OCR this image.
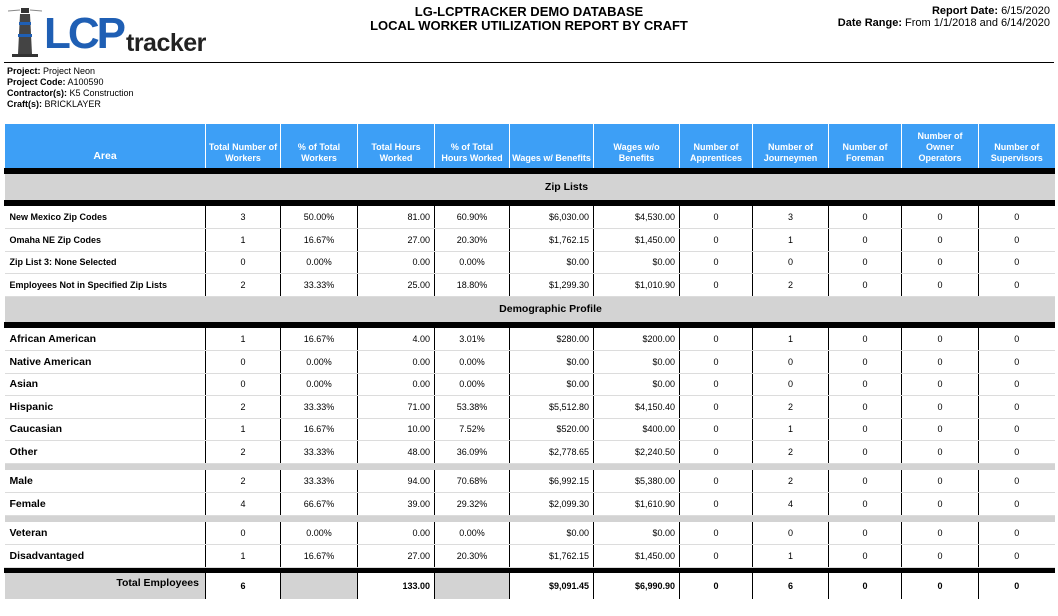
LCP tracker
LG-LCPTRACKER DEMO DATABASE
LOCAL WORKER UTILIZATION REPORT BY CRAFT
Report Date: 6/15/2020
Date Range: From 1/1/2018 and 6/14/2020
Project: Project Neon
Project Code: A100590
Contractor(s): K5 Construction
Craft(s): BRICKLAYER
Area	Total Number of Workers	% of Total Workers	Total Hours Worked	% of Total Hours Worked	Wages w/ Benefits	Wages w/o Benefits	Number of Apprentices	Number of Journeymen	Number of Foreman	Number of Owner Operators	Number of Supervisors

Zip Lists											

New Mexico Zip Codes	3	50.00%	81.00	60.90%	$6,030.00	$4,530.00	0	3	0	0	0
Omaha NE Zip Codes	1	16.67%	27.00	20.30%	$1,762.15	$1,450.00	0	1	0	0	0
Zip List 3: None Selected	0	0.00%	0.00	0.00%	$0.00	$0.00	0	0	0	0	0
Employees Not in Specified Zip Lists	2	33.33%	25.00	18.80%	$1,299.30	$1,010.90	0	2	0	0	0
Demographic Profile											

African American	1	16.67%	4.00	3.01%	$280.00	$200.00	0	1	0	0	0
Native American	0	0.00%	0.00	0.00%	$0.00	$0.00	0	0	0	0	0
Asian	0	0.00%	0.00	0.00%	$0.00	$0.00	0	0	0	0	0
Hispanic	2	33.33%	71.00	53.38%	$5,512.80	$4,150.40	0	2	0	0	0
Caucasian	1	16.67%	10.00	7.52%	$520.00	$400.00	0	1	0	0	0
Other	2	33.33%	48.00	36.09%	$2,778.65	$2,240.50	0	2	0	0	0

Male	2	33.33%	94.00	70.68%	$6,992.15	$5,380.00	0	2	0	0	0
Female	4	66.67%	39.00	29.32%	$2,099.30	$1,610.90	0	4	0	0	0

Veteran	0	0.00%	0.00	0.00%	$0.00	$0.00	0	0	0	0	0
Disadvantaged	1	16.67%	27.00	20.30%	$1,762.15	$1,450.00	0	1	0	0	0

Total Employees	6		133.00		$9,091.45	$6,990.90	0	6	0	0	0
